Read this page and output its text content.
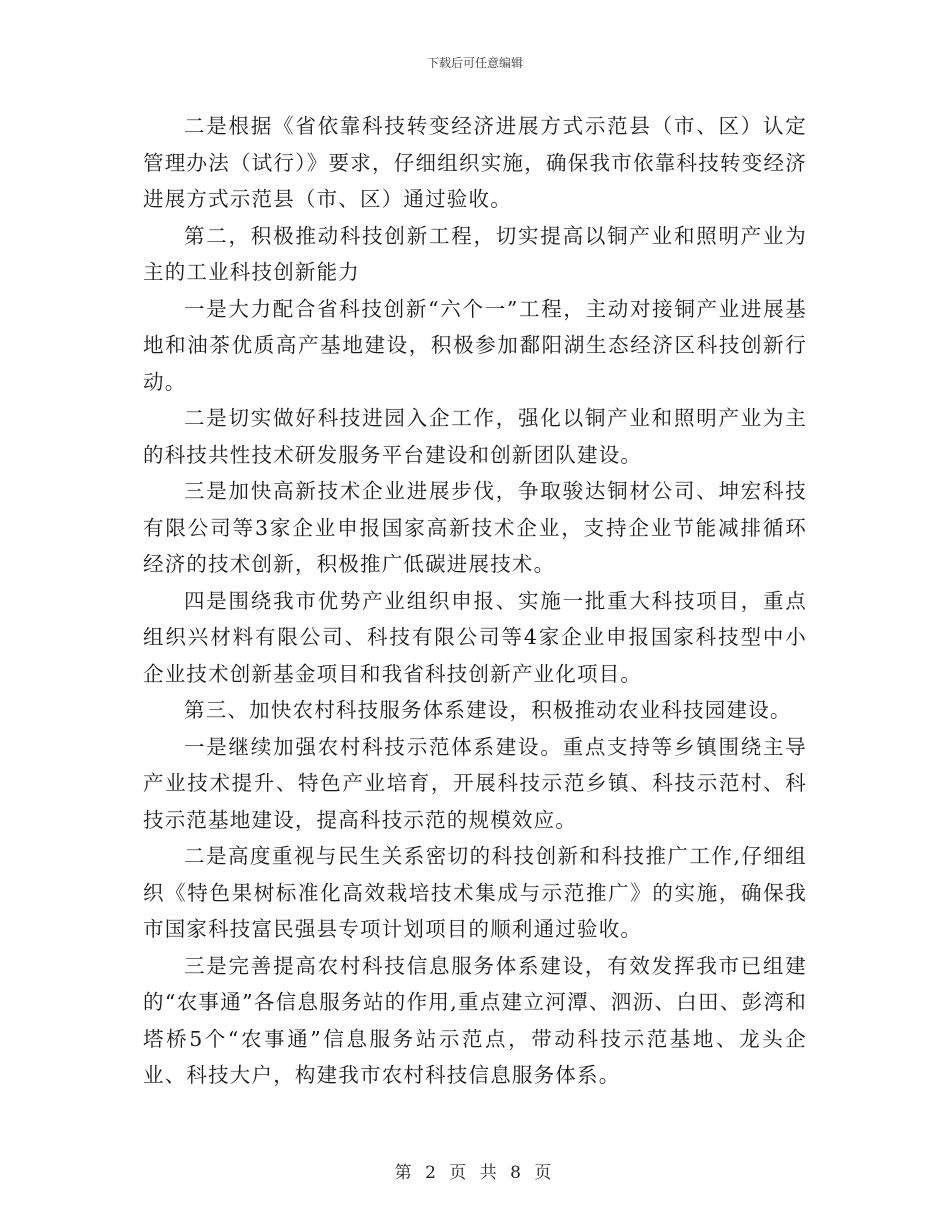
下载后可任意编辑

二是根据《省依靠科技转变经济进展方式示范县（市、区）认定管理办法（试行）》要求，仔细组织实施，确保我市依靠科技转变经济进展方式示范县（市、区）通过验收。

第二，积极推动科技创新工程，切实提高以铜产业和照明产业为主的工业科技创新能力

一是大力配合省科技创新“六个一”工程，主动对接铜产业进展基地和油茶优质高产基地建设，积极参加鄱阳湖生态经济区科技创新行动。

二是切实做好科技进园入企工作，强化以铜产业和照明产业为主的科技共性技术研发服务平台建设和创新团队建设。

三是加快高新技术企业进展步伐，争取骏达铜材公司、坤宏科技有限公司等3家企业申报国家高新技术企业，支持企业节能减排循环经济的技术创新，积极推广低碳进展技术。

四是围绕我市优势产业组织申报、实施一批重大科技项目，重点组织兴材料有限公司、科技有限公司等4家企业申报国家科技型中小企业技术创新基金项目和我省科技创新产业化项目。

第三、加快农村科技服务体系建设，积极推动农业科技园建设。

一是继续加强农村科技示范体系建设。重点支持等乡镇围绕主导产业技术提升、特色产业培育，开展科技示范乡镇、科技示范村、科技示范基地建设，提高科技示范的规模效应。

二是高度重视与民生关系密切的科技创新和科技推广工作,仔细组织《特色果树标准化高效栽培技术集成与示范推广》的实施，确保我市国家科技富民强县专项计划项目的顺利通过验收。

三是完善提高农村科技信息服务体系建设，有效发挥我市已组建的“农事通”各信息服务站的作用,重点建立河潭、泗沥、白田、彭湾和塔桥5个“农事通”信息服务站示范点，带动科技示范基地、龙头企业、科技大户，构建我市农村科技信息服务体系。

第 2 页 共 8 页
